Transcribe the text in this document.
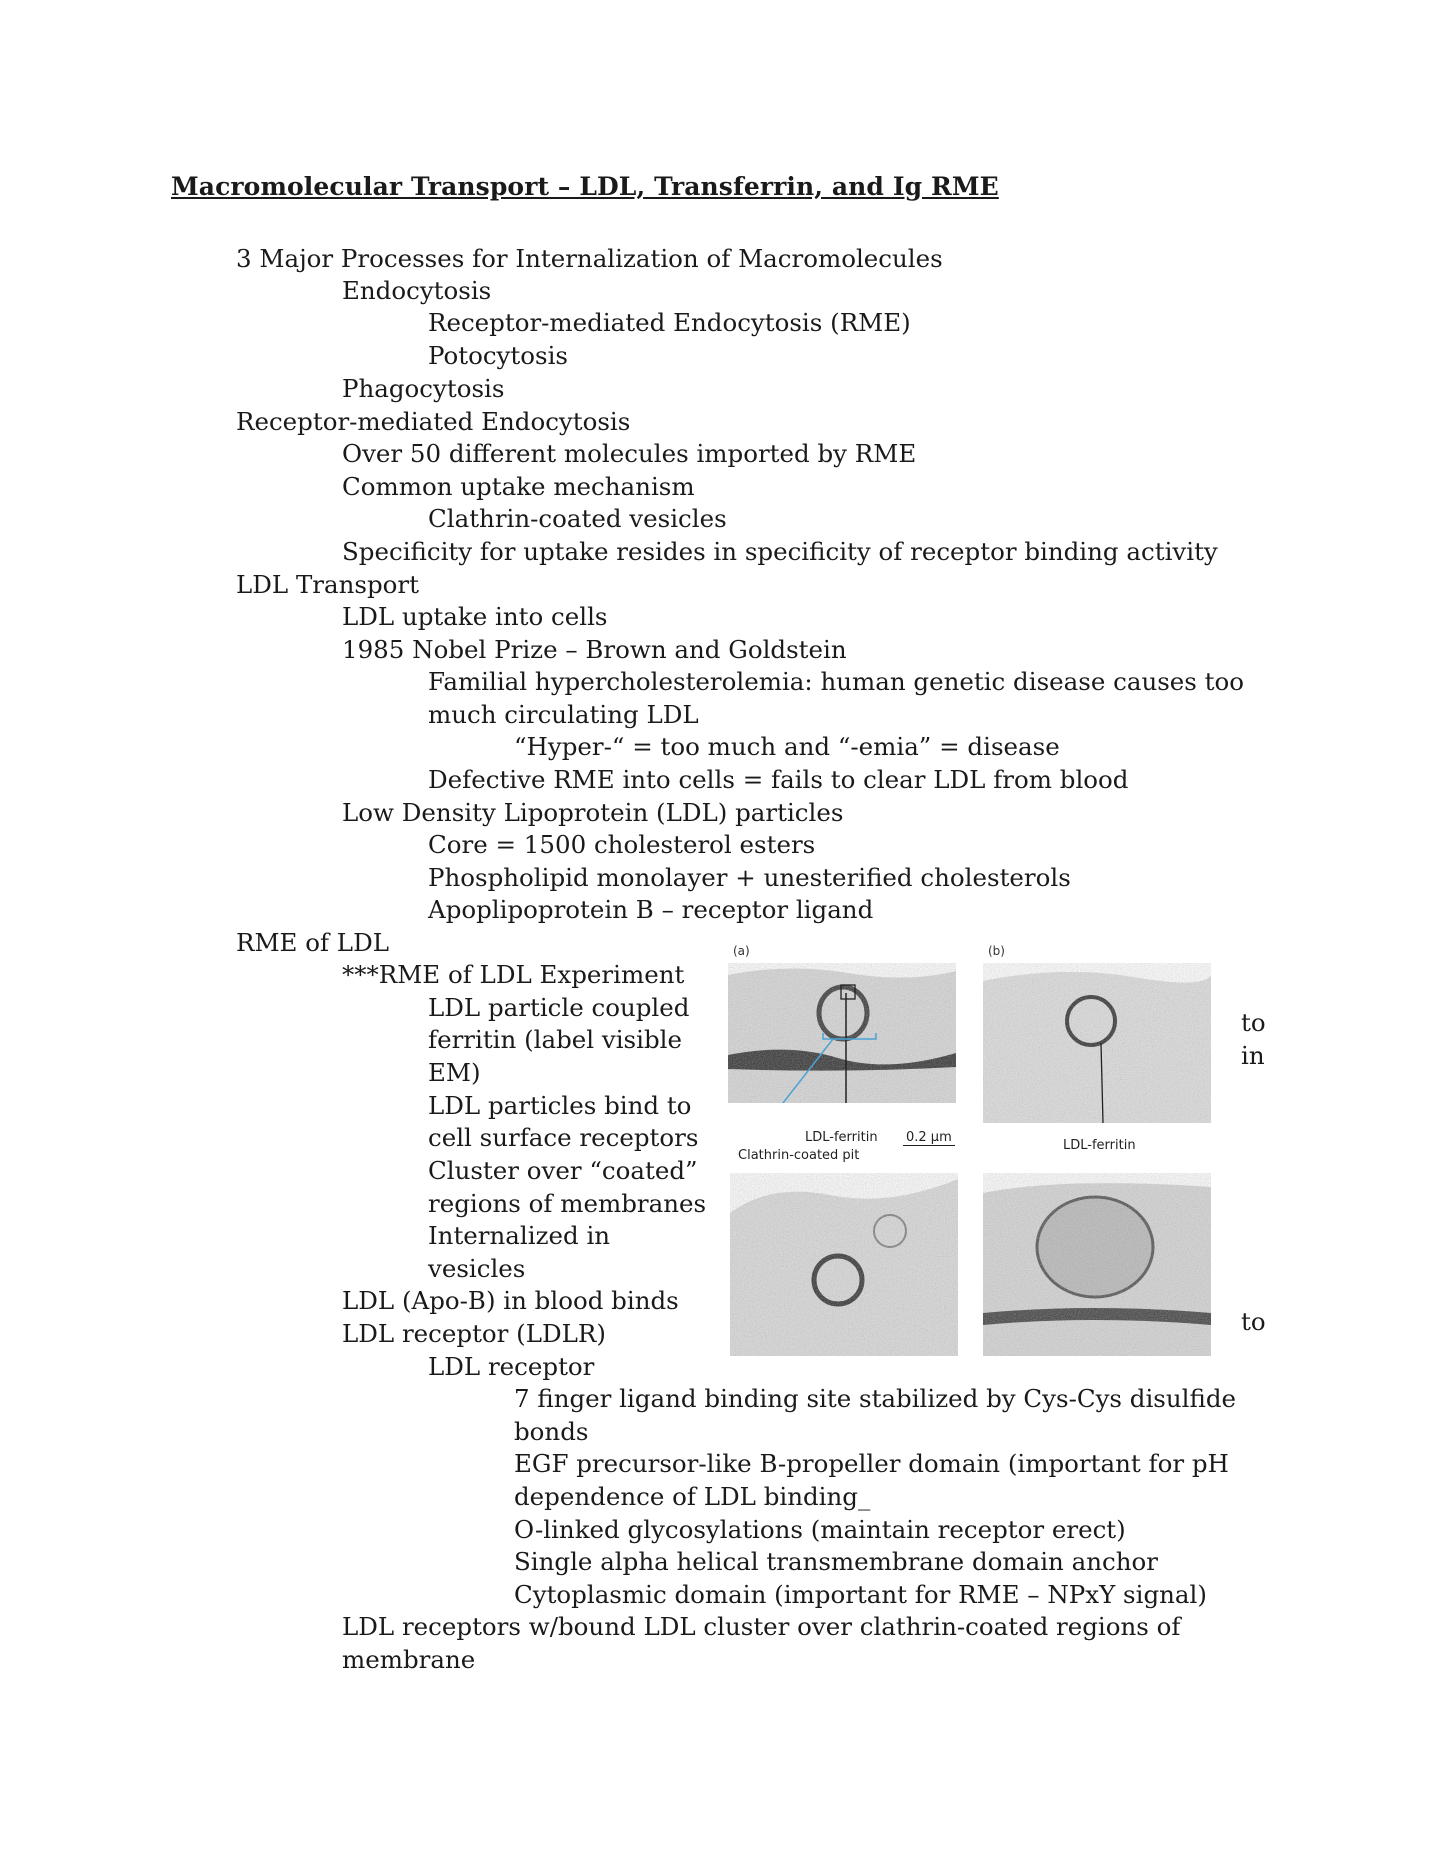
Macromolecular Transport – LDL, Transferrin, and Ig RME
3 Major Processes for Internalization of Macromolecules
Endocytosis
Receptor-mediated Endocytosis (RME)
Potocytosis
Phagocytosis
Receptor-mediated Endocytosis
Over 50 different molecules imported by RME
Common uptake mechanism
Clathrin-coated vesicles
Specificity for uptake resides in specificity of receptor binding activity
LDL Transport
LDL uptake into cells
1985 Nobel Prize – Brown and Goldstein
Familial hypercholesterolemia: human genetic disease causes too
much circulating LDL
“Hyper-“ = too much and “-emia” = disease
Defective RME into cells = fails to clear LDL from blood
Low Density Lipoprotein (LDL) particles
Core = 1500 cholesterol esters
Phospholipid monolayer + unesterified cholesterols
Apoplipoprotein B – receptor ligand
RME of LDL
***RME of LDL Experiment
LDL particle coupled
ferritin (label visible
EM)
LDL particles bind to
cell surface receptors
Cluster over “coated”
regions of membranes
Internalized in
vesicles
LDL (Apo-B) in blood binds
LDL receptor (LDLR)
LDL receptor
7 finger ligand binding site stabilized by Cys-Cys disulfide
bonds
EGF precursor-like B-propeller domain (important for pH
dependence of LDL binding_
O-linked glycosylations (maintain receptor erect)
Single alpha helical transmembrane domain anchor
Cytoplasmic domain (important for RME – NPxY signal)
LDL receptors w/bound LDL cluster over clathrin-coated regions of
membrane
to
in
to
(a)	(b)
LDL-ferritin 0.2 μm
Clathrin-coated pit
LDL-ferritin
